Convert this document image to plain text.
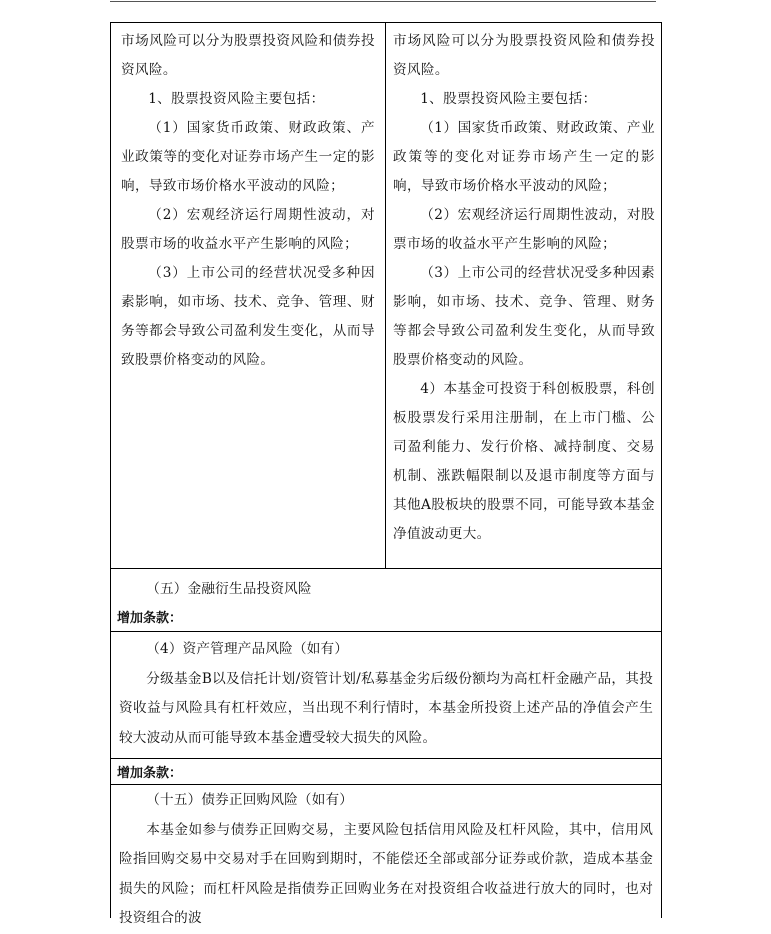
市场风险可以分为股票投资风险和债券投资风险。

1、股票投资风险主要包括：

（1）国家货币政策、财政政策、产业政策等的变化对证券市场产生一定的影响，导致市场价格水平波动的风险；

（2）宏观经济运行周期性波动，对股票市场的收益水平产生影响的风险；

（3）上市公司的经营状况受多种因素影响，如市场、技术、竞争、管理、财务等都会导致公司盈利发生变化，从而导致股票价格变动的风险。

市场风险可以分为股票投资风险和债券投资风险。

1、股票投资风险主要包括：

（1）国家货币政策、财政政策、产业政策等的变化对证券市场产生一定的影响，导致市场价格水平波动的风险；

（2）宏观经济运行周期性波动，对股票市场的收益水平产生影响的风险；

（3）上市公司的经营状况受多种因素影响，如市场、技术、竞争、管理、财务等都会导致公司盈利发生变化，从而导致股票价格变动的风险。

4）本基金可投资于科创板股票，科创板股票发行采用注册制，在上市门槛、公司盈利能力、发行价格、减持制度、交易机制、涨跌幅限制以及退市制度等方面与其他A股板块的股票不同，可能导致本基金净值波动更大。

（五）金融衍生品投资风险

增加条款：

（4）资产管理产品风险（如有）

分级基金B以及信托计划/资管计划/私募基金劣后级份额均为高杠杆金融产品，其投资收益与风险具有杠杆效应，当出现不利行情时，本基金所投资上述产品的净值会产生较大波动从而可能导致本基金遭受较大损失的风险。

增加条款：

（十五）债券正回购风险（如有）

本基金如参与债券正回购交易，主要风险包括信用风险及杠杆风险，其中，信用风险指回购交易中交易对手在回购到期时，不能偿还全部或部分证券或价款，造成本基金损失的风险；而杠杆风险是指债券正回购业务在对投资组合收益进行放大的同时，也对投资组合的波
